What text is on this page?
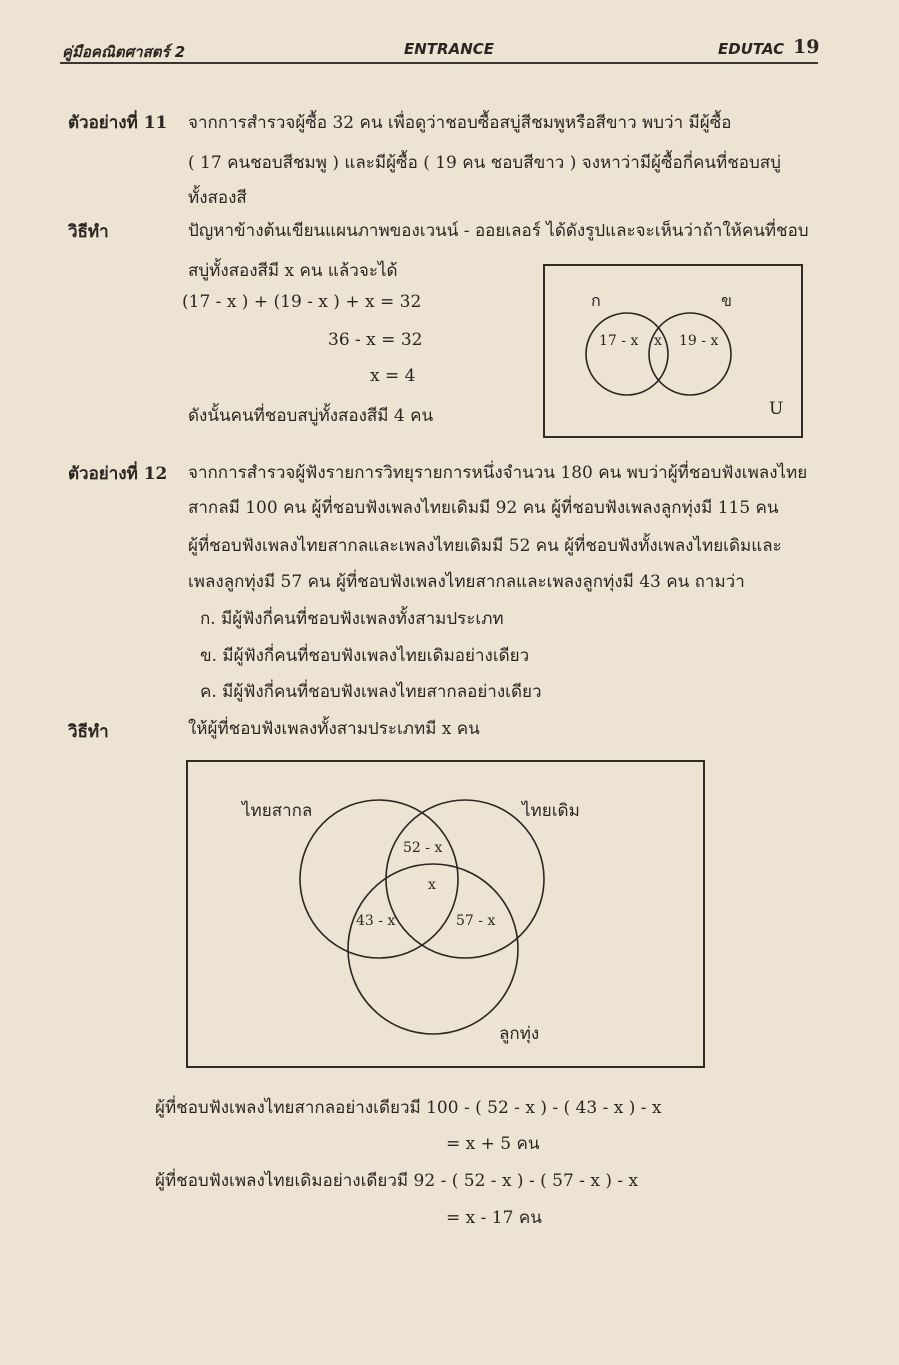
คู่มือคณิตศาสตร์ 2	ENTRANCE	EDUTAC 19
ตัวอย่างที่ 11 จากการสำรวจผู้ซื้อ 32 คน เพื่อดูว่าชอบซื้อสบู่สีชมพูหรือสีขาว พบว่า มีผู้ซื้อ
( 17 คนชอบสีชมพู ) และมีผู้ซื้อ ( 19 คน ชอบสีขาว ) จงหาว่ามีผู้ซื้อกี่คนที่ชอบสบู่
ทั้งสองสี
วิธีทำ	ปัญหาข้างต้นเขียนแผนภาพของเวนน์ - ออยเลอร์ ได้ดังรูปและจะเห็นว่าถ้าให้คนที่ชอบ
สบู่ทั้งสองสีมี x คน แล้วจะได้
(17 - x ) + (19 - x ) + x = 32
36 - x = 32
x = 4
ดังนั้นคนที่ชอบสบู่ทั้งสองสีมี 4 คน
ก	ข
17 - x x 19 - x
U
ตัวอย่างที่ 12 จากการสำรวจผู้ฟังรายการวิทยุรายการหนึ่งจำนวน 180 คน พบว่าผู้ที่ชอบฟังเพลงไทย
สากลมี 100 คน ผู้ที่ชอบฟังเพลงไทยเดิมมี 92 คน ผู้ที่ชอบฟังเพลงลูกทุ่งมี 115 คน
ผู้ที่ชอบฟังเพลงไทยสากลและเพลงไทยเดิมมี 52 คน ผู้ที่ชอบฟังทั้งเพลงไทยเดิมและ
เพลงลูกทุ่งมี 57 คน ผู้ที่ชอบฟังเพลงไทยสากลและเพลงลูกทุ่งมี 43 คน ถามว่า
ก. มีผู้ฟังกี่คนที่ชอบฟังเพลงทั้งสามประเภท
ข. มีผู้ฟังกี่คนที่ชอบฟังเพลงไทยเดิมอย่างเดียว
ค. มีผู้ฟังกี่คนที่ชอบฟังเพลงไทยสากลอย่างเดียว
วิธีทำ	ให้ผู้ที่ชอบฟังเพลงทั้งสามประเภทมี x คน
ไทยสากล	ไทยเดิม
ลูกทุ่ง
52 - x
x
43 - x	57 - x
ผู้ที่ชอบฟังเพลงไทยสากลอย่างเดียวมี 100 - ( 52 - x ) - ( 43 - x ) - x
= x + 5 คน
ผู้ที่ชอบฟังเพลงไทยเดิมอย่างเดียวมี 92 - ( 52 - x ) - ( 57 - x ) - x
= x - 17 คน
